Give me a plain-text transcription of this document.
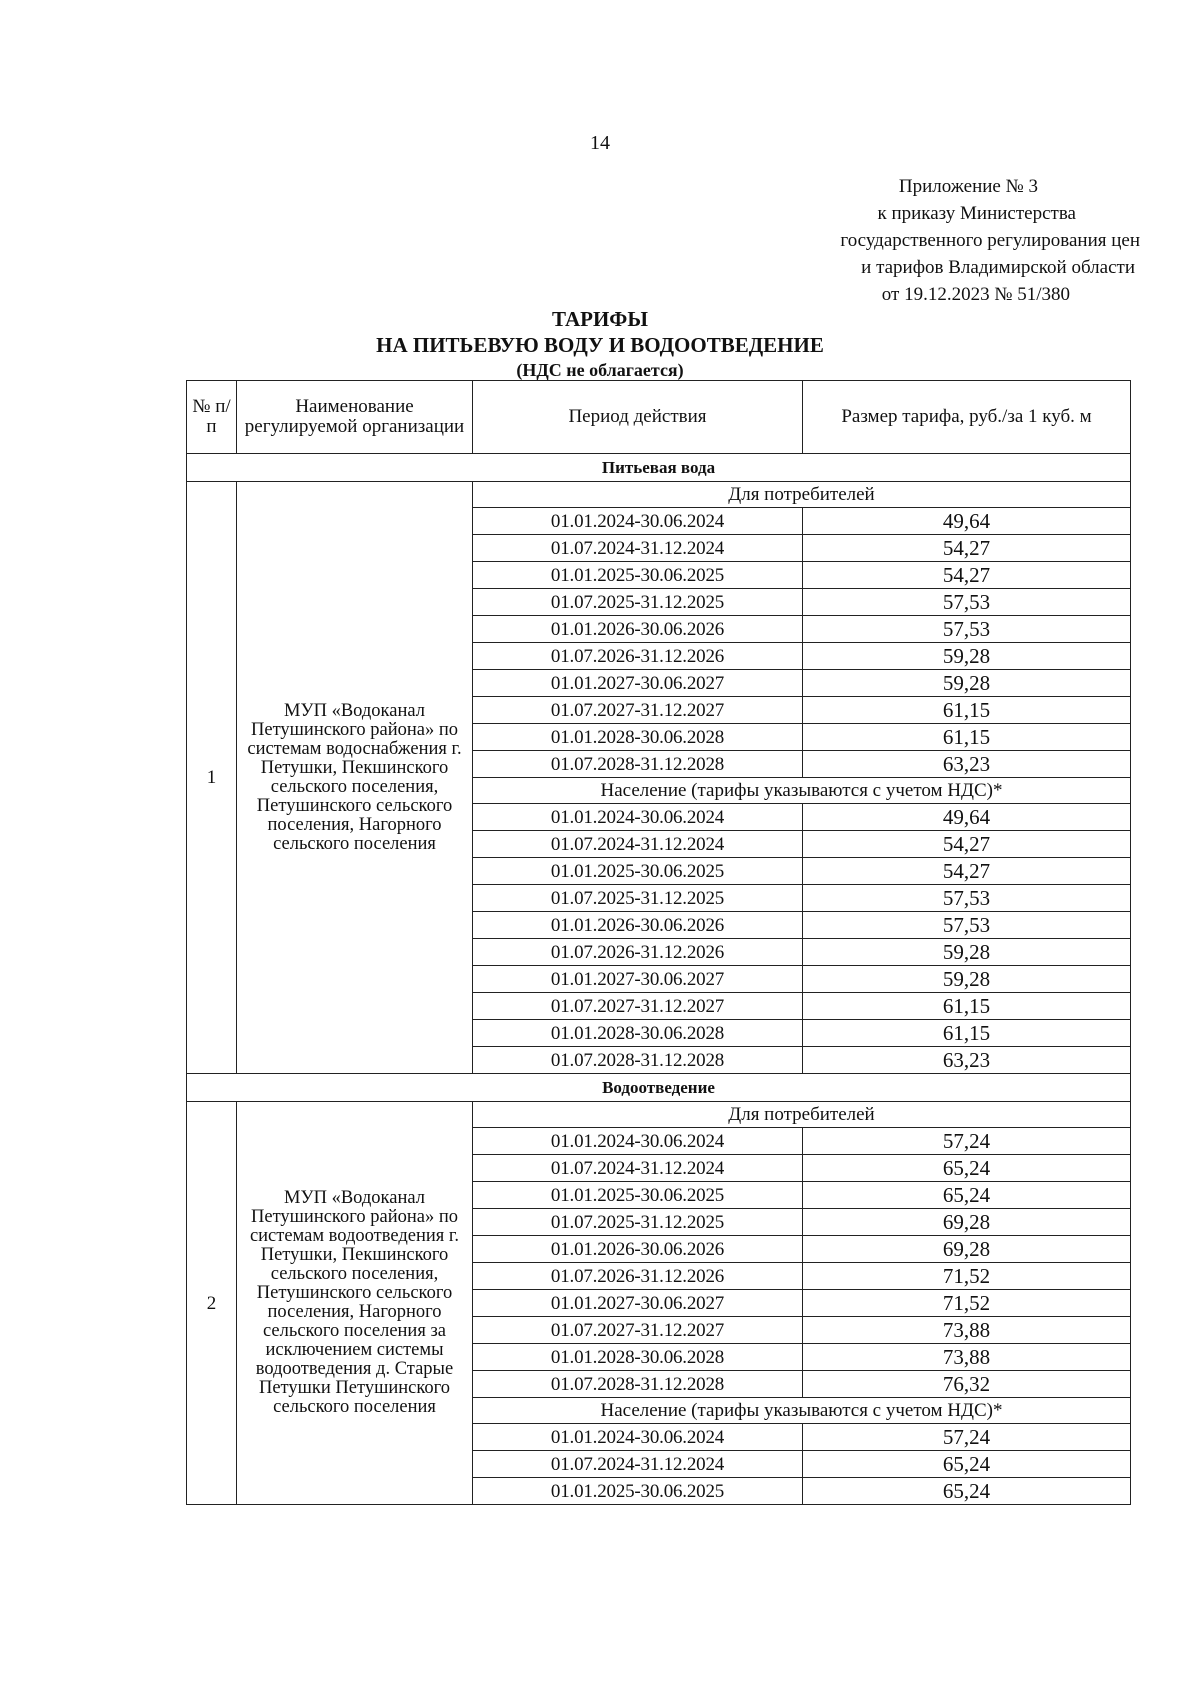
14
Приложение № 3
к приказу Министерства
государственного регулирования цен
и тарифов Владимирской области
от 19.12.2023 № 51/380
ТАРИФЫ
НА ПИТЬЕВУЮ ВОДУ И ВОДООТВЕДЕНИЕ
(НДС не облагается)
№ п/п	Наименование регулируемой организации	Период действия	Размер тарифа, руб./за 1 куб. м
Питьевая вода			
1	МУП «Водоканал Петушинского района» по системам водоснабжения г. Петушки, Пекшинского сельского поселения, Петушинского сельского поселения, Нагорного сельского поселения	Для потребителей	
		01.01.2024-30.06.2024	49,64
		01.07.2024-31.12.2024	54,27
		01.01.2025-30.06.2025	54,27
		01.07.2025-31.12.2025	57,53
		01.01.2026-30.06.2026	57,53
		01.07.2026-31.12.2026	59,28
		01.01.2027-30.06.2027	59,28
		01.07.2027-31.12.2027	61,15
		01.01.2028-30.06.2028	61,15
		01.07.2028-31.12.2028	63,23
		Население (тарифы указываются с учетом НДС)*	
		01.01.2024-30.06.2024	49,64
		01.07.2024-31.12.2024	54,27
		01.01.2025-30.06.2025	54,27
		01.07.2025-31.12.2025	57,53
		01.01.2026-30.06.2026	57,53
		01.07.2026-31.12.2026	59,28
		01.01.2027-30.06.2027	59,28
		01.07.2027-31.12.2027	61,15
		01.01.2028-30.06.2028	61,15
		01.07.2028-31.12.2028	63,23
Водоотведение			
2	МУП «Водоканал Петушинского района» по системам водоотведения г. Петушки, Пекшинского сельского поселения, Петушинского сельского поселения, Нагорного сельского поселения за исключением системы водоотведения д. Старые Петушки Петушинского сельского поселения	Для потребителей	
		01.01.2024-30.06.2024	57,24
		01.07.2024-31.12.2024	65,24
		01.01.2025-30.06.2025	65,24
		01.07.2025-31.12.2025	69,28
		01.01.2026-30.06.2026	69,28
		01.07.2026-31.12.2026	71,52
		01.01.2027-30.06.2027	71,52
		01.07.2027-31.12.2027	73,88
		01.01.2028-30.06.2028	73,88
		01.07.2028-31.12.2028	76,32
		Население (тарифы указываются с учетом НДС)*	
		01.01.2024-30.06.2024	57,24
		01.07.2024-31.12.2024	65,24
		01.01.2025-30.06.2025	65,24
